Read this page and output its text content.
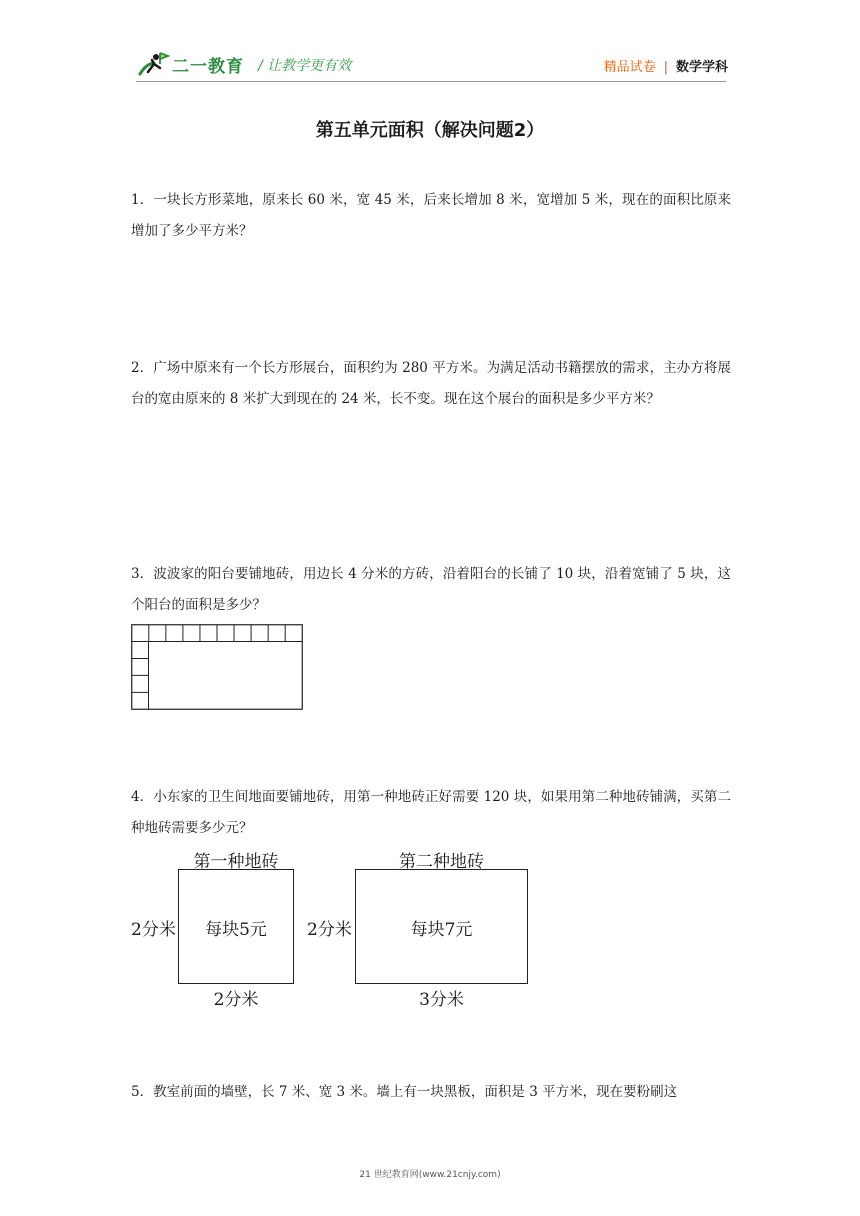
二一教育 / 让教学更有效	精品试卷 | 数学学科
第五单元面积（解决问题2）
1．一块长方形菜地，原来长 60 米，宽 45 米，后来长增加 8 米，宽增加 5 米，现在的面积比原来增加了多少平方米？
2．广场中原来有一个长方形展台，面积约为 280 平方米。为满足活动书籍摆放的需求，主办方将展台的宽由原来的 8 米扩大到现在的 24 米，长不变。现在这个展台的面积是多少平方米？
3．波波家的阳台要铺地砖，用边长 4 分米的方砖，沿着阳台的长铺了 10 块，沿着宽铺了 5 块，这个阳台的面积是多少？
4．小东家的卫生间地面要铺地砖，用第一种地砖正好需要 120 块，如果用第二种地砖铺满，买第二种地砖需要多少元？
第一种地砖
每块5元
2分米
2分米
第二种地砖
每块7元
2分米
3分米
5．教室前面的墙壁，长 7 米、宽 3 米。墙上有一块黑板，面积是 3 平方米，现在要粉刷这
21 世纪教育网(www.21cnjy.com)
